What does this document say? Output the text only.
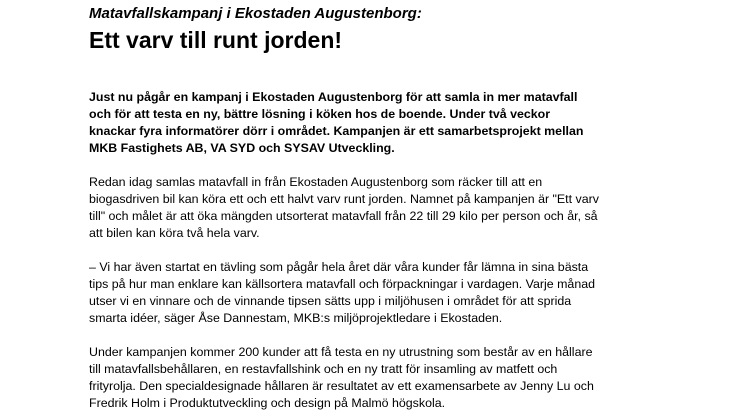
Matavfallskampanj i Ekostaden Augustenborg:

Ett varv till runt jorden!

Just nu pågår en kampanj i Ekostaden Augustenborg för att samla in mer matavfall
och för att testa en ny, bättre lösning i köken hos de boende. Under två veckor
knackar fyra informatörer dörr i området. Kampanjen är ett samarbetsprojekt mellan
MKB Fastighets AB, VA SYD och SYSAV Utveckling.

Redan idag samlas matavfall in från Ekostaden Augustenborg som räcker till att en
biogasdriven bil kan köra ett och ett halvt varv runt jorden. Namnet på kampanjen är "Ett varv
till" och målet är att öka mängden utsorterat matavfall från 22 till 29 kilo per person och år, så
att bilen kan köra två hela varv.

– Vi har även startat en tävling som pågår hela året där våra kunder får lämna in sina bästa
tips på hur man enklare kan källsortera matavfall och förpackningar i vardagen. Varje månad
utser vi en vinnare och de vinnande tipsen sätts upp i miljöhusen i området för att sprida
smarta idéer, säger Åse Dannestam, MKB:s miljöprojektledare i Ekostaden.

Under kampanjen kommer 200 kunder att få testa en ny utrustning som består av en hållare
till matavfallsbehållaren, en restavfallshink och en ny tratt för insamling av matfett och
frityrolja. Den specialdesignade hållaren är resultatet av ett examensarbete av Jenny Lu och
Fredrik Holm i Produktutveckling och design på Malmö högskola.
